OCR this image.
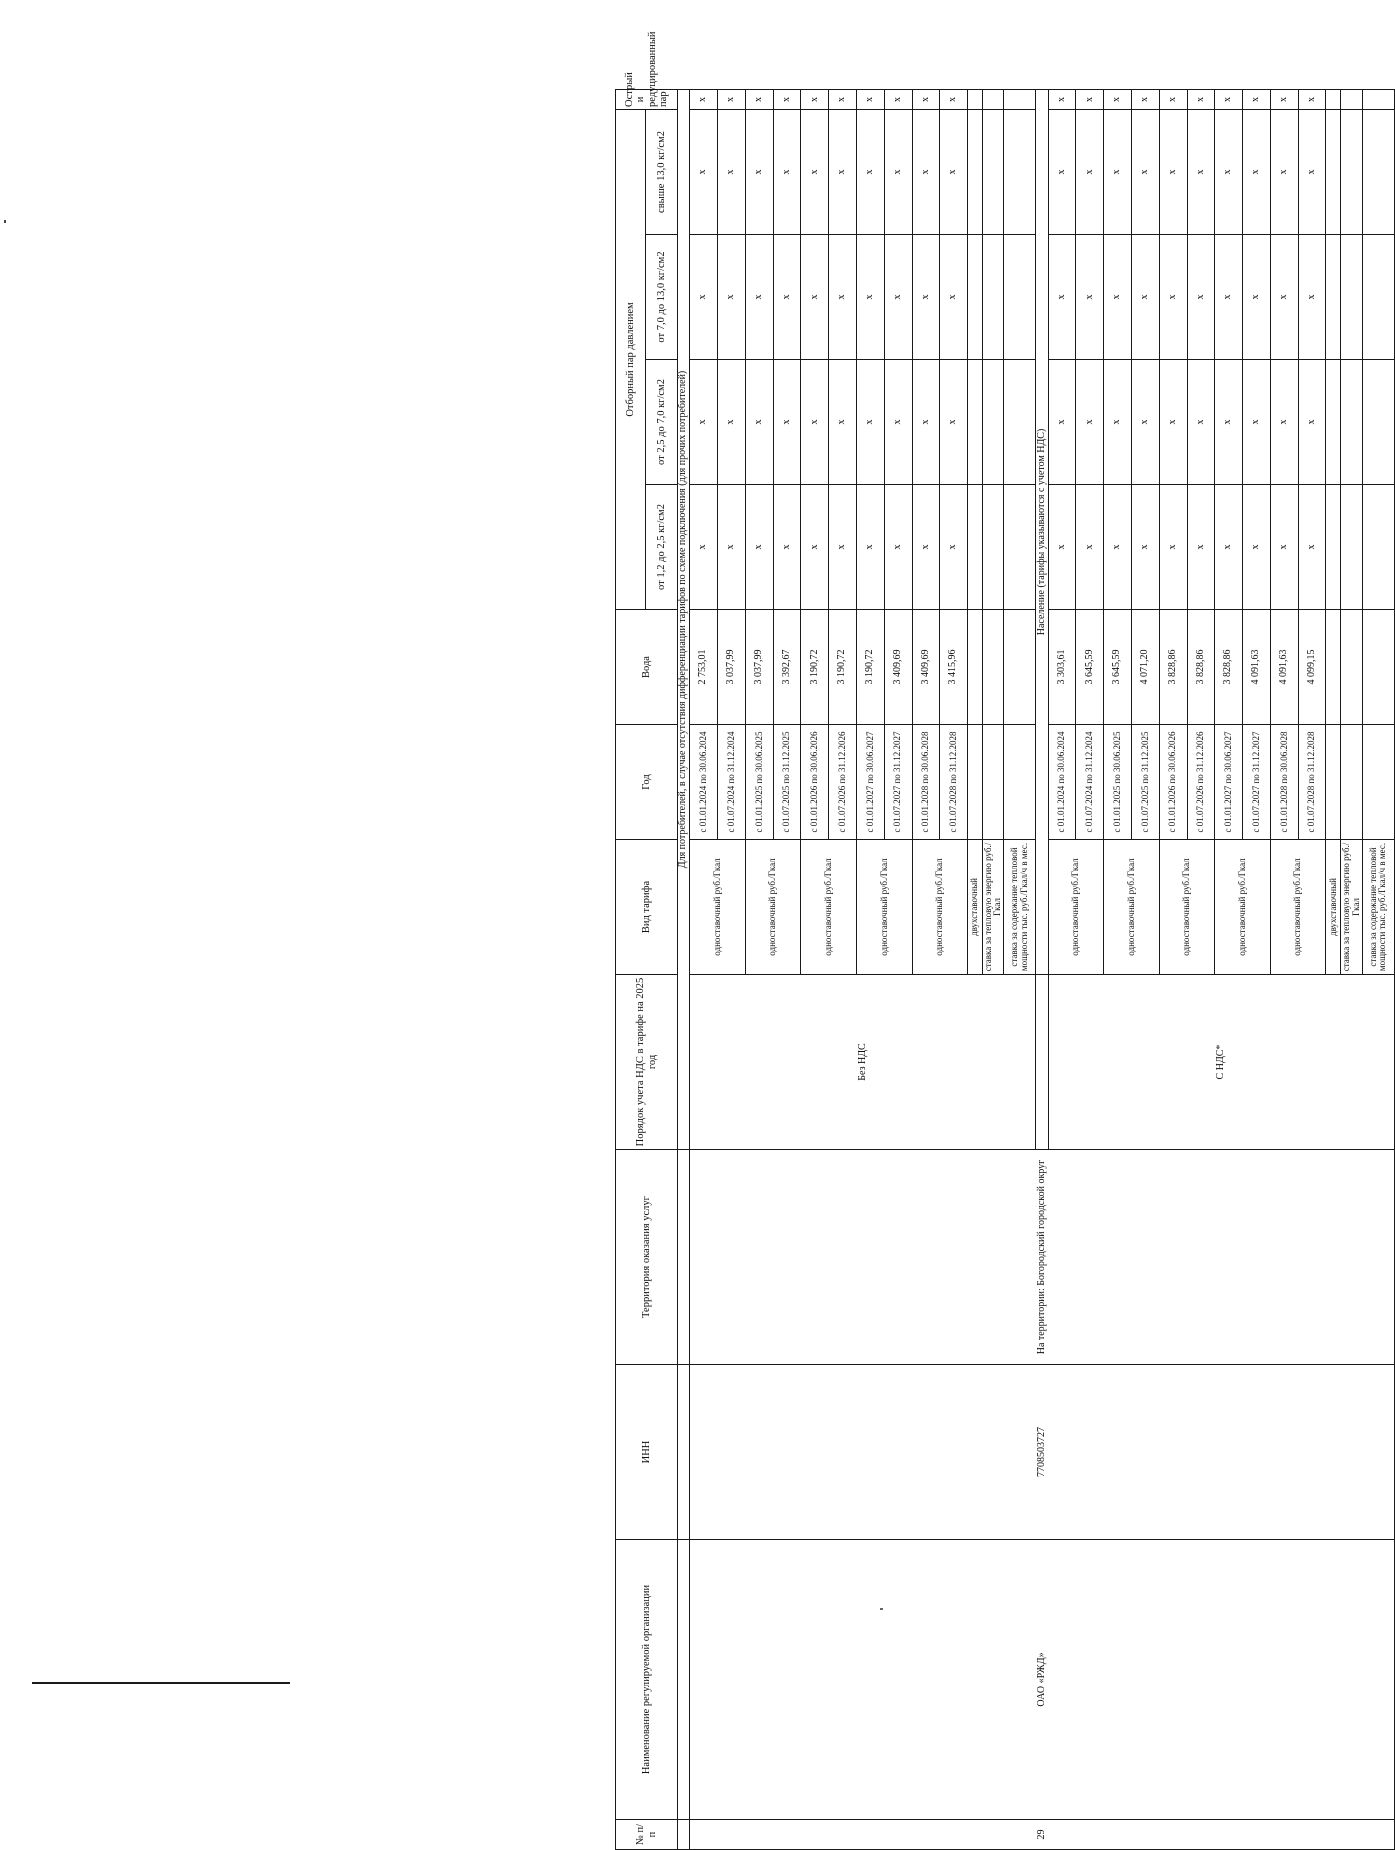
№ п/п	Наименование регулируемой организации	ИНН	Территория оказания услуг	Порядок учета НДС в тарифе на 2025 год	Вид тарифа	Год	Вода	Отборный пар давлением				Острый и редуцированный пар
								от 1,2 до 2,5 кг/см2	от 2,5 до 7,0 кг/см2	от 7,0 до 13,0 кг/см2	свыше 13,0 кг/см2	
				Для потребителей, в случае отсутствия дифференциации тарифов по схеме подключения (для прочих потребителей)								
29	ОАО «РЖД»	7708503727	На территории: Богородский городской округ	Без НДС	одноставочный руб./Гкал	с 01.01.2024 по 30.06.2024	2 753,01	x	x	x	x	x
						с 01.07.2024 по 31.12.2024	3 037,99	x	x	x	x	x
					одноставочный руб./Гкал	с 01.01.2025 по 30.06.2025	3 037,99	x	x	x	x	x
						с 01.07.2025 по 31.12.2025	3 392,67	x	x	x	x	x
					одноставочный руб./Гкал	с 01.01.2026 по 30.06.2026	3 190,72	x	x	x	x	x
						с 01.07.2026 по 31.12.2026	3 190,72	x	x	x	x	x
					одноставочный руб./Гкал	с 01.01.2027 по 30.06.2027	3 190,72	x	x	x	x	x
						с 01.07.2027 по 31.12.2027	3 409,69	x	x	x	x	x
					одноставочный руб./Гкал	с 01.01.2028 по 30.06.2028	3 409,69	x	x	x	x	x
						с 01.07.2028 по 31.12.2028	3 415,96	x	x	x	x	x
					двухставочный							
					ставка за тепловую энергию руб./Гкал							
					ставка за содержание тепловой мощности тыс. руб./Гкал/ч в мес.							
					Население (тарифы указываются с учетом НДС)							
				С НДС*	одноставочный руб./Гкал	с 01.01.2024 по 30.06.2024	3 303,61	x	x	x	x	x
						с 01.07.2024 по 31.12.2024	3 645,59	x	x	x	x	x
					одноставочный руб./Гкал	с 01.01.2025 по 30.06.2025	3 645,59	x	x	x	x	x
						с 01.07.2025 по 31.12.2025	4 071,20	x	x	x	x	x
					одноставочный руб./Гкал	с 01.01.2026 по 30.06.2026	3 828,86	x	x	x	x	x
						с 01.07.2026 по 31.12.2026	3 828,86	x	x	x	x	x
					одноставочный руб./Гкал	с 01.01.2027 по 30.06.2027	3 828,86	x	x	x	x	x
						с 01.07.2027 по 31.12.2027	4 091,63	x	x	x	x	x
					одноставочный руб./Гкал	с 01.01.2028 по 30.06.2028	4 091,63	x	x	x	x	x
						с 01.07.2028 по 31.12.2028	4 099,15	x	x	x	x	x
					двухставочный							
					ставка за тепловую энергию руб./Гкал							
					ставка за содержание тепловой мощности тыс. руб./Гкал/ч в мес.							
